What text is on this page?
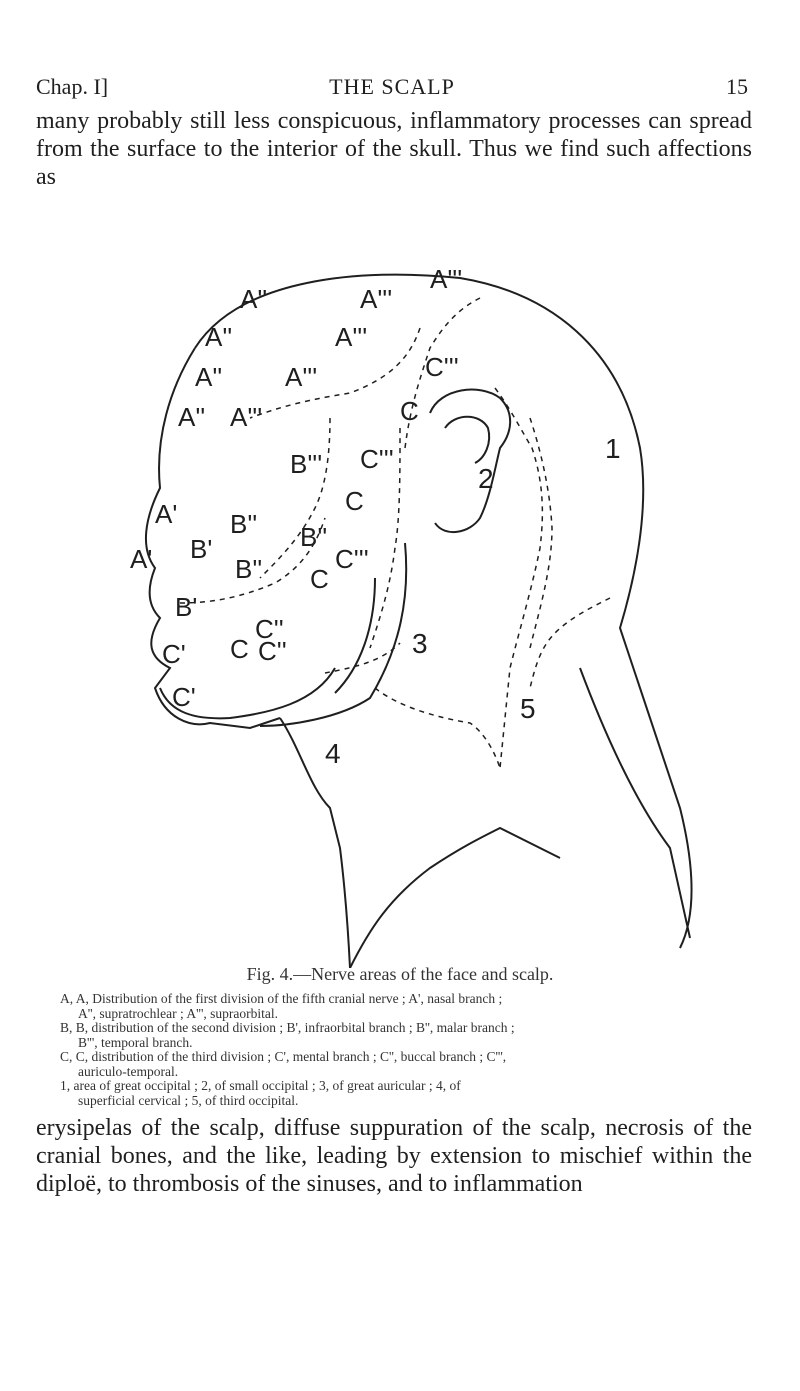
Chap. I]	THE SCALP	15

many probably still less conspicuous, inflammatory processes can spread from the surface to the interior of the skull. Thus we find such affections as

A''	A'''
A'''
A''	A'''
A'' A'''
A'' A'''
A'
A'
B'''
B'' B''
B''
B'
B'
C'''
C
C'''
C
C'''
C
C''
C C''
C'
C'
2
3
4
5
1
Fig. 4.—Nerve areas of the face and scalp.
A, A, Distribution of the first division of the fifth cranial nerve ; A', nasal branch ;
A'', supratrochlear ; A''', supraorbital.
B, B, distribution of the second division ; B', infraorbital branch ; B'', malar branch ;
B''', temporal branch.
C, C, distribution of the third division ; C', mental branch ; C'', buccal branch ; C''',
auriculo-temporal.
1, area of great occipital ; 2, of small occipital ; 3, of great auricular ; 4, of
superficial cervical ; 5, of third occipital.

erysipelas of the scalp, diffuse suppuration of the scalp, necrosis of the cranial bones, and the like, leading by extension to mischief within the diploë, to thrombosis of the sinuses, and to inflammation
